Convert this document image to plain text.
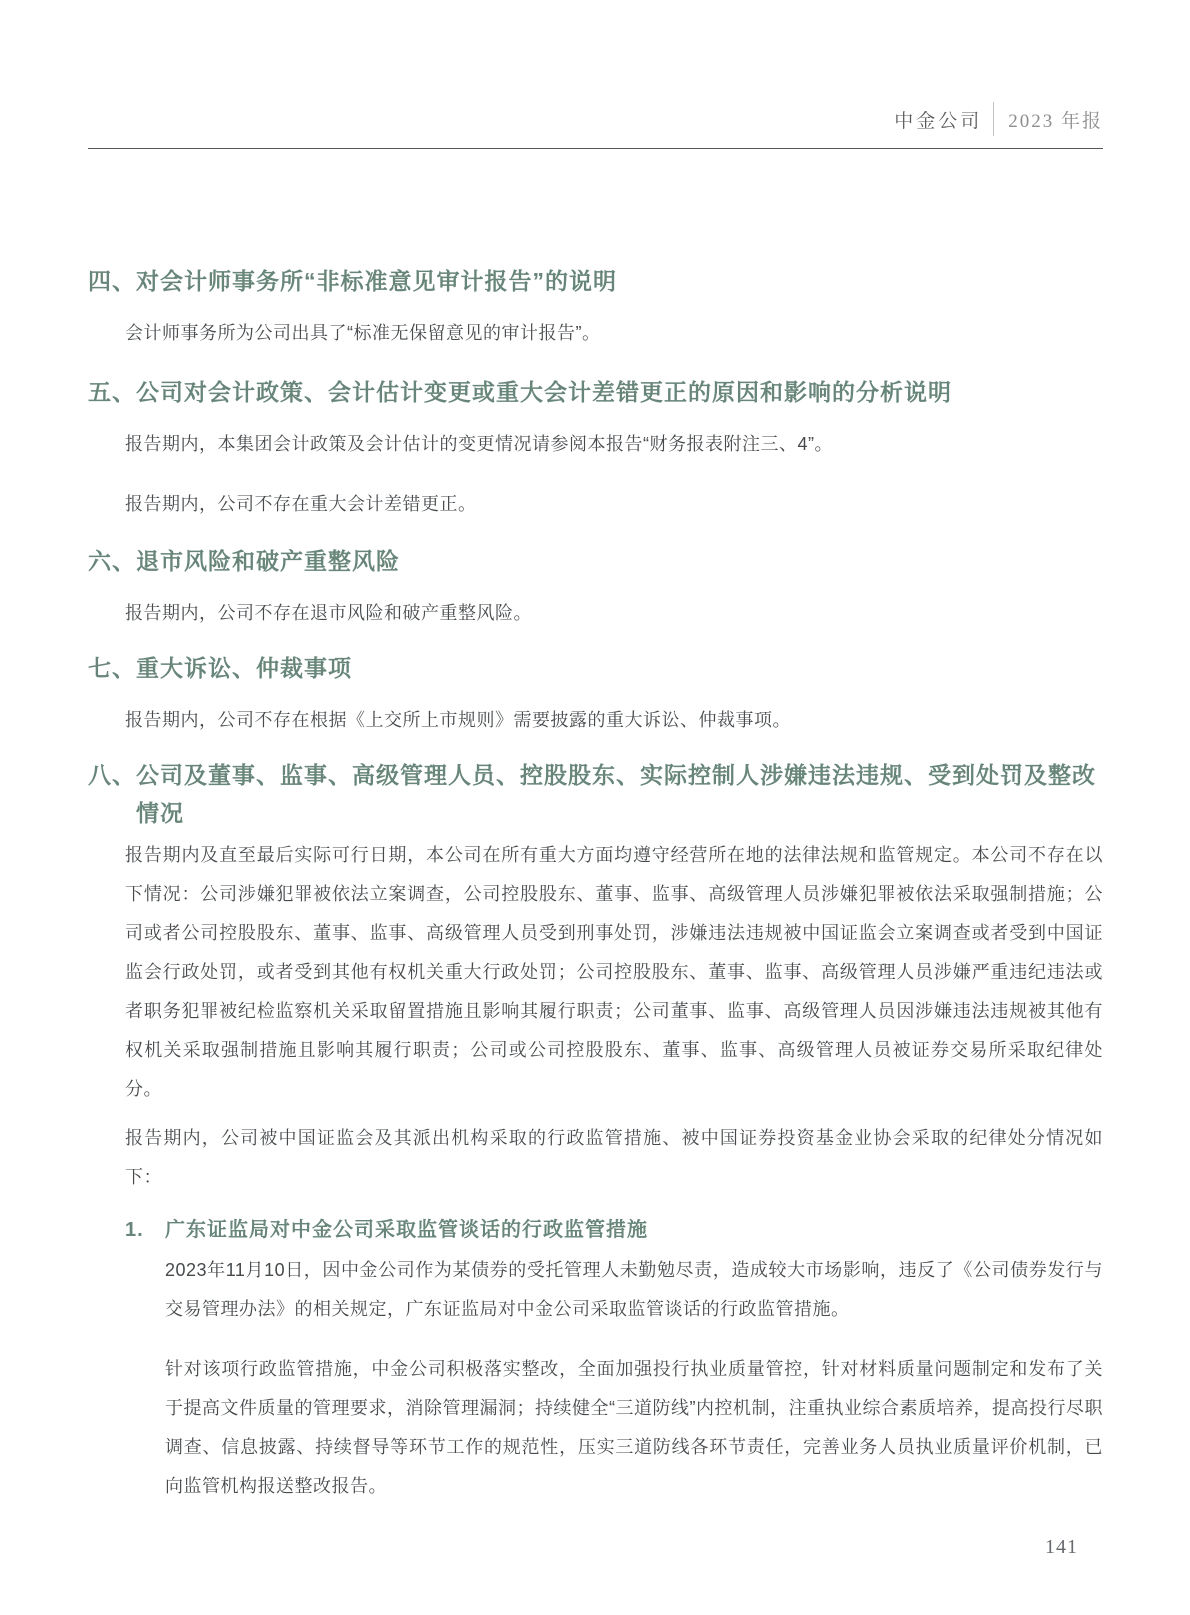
中金公司 2023 年报
四、 对会计师事务所“非标准意见审计报告”的说明

会计师事务所为公司出具了“标准无保留意见的审计报告”。

五、 公司对会计政策、会计估计变更或重大会计差错更正的原因和影响的分析说明

报告期内，本集团会计政策及会计估计的变更情况请参阅本报告“财务报表附注三、4”。

报告期内，公司不存在重大会计差错更正。

六、 退市风险和破产重整风险

报告期内，公司不存在退市风险和破产重整风险。

七、 重大诉讼、仲裁事项

报告期内，公司不存在根据《上交所上市规则》需要披露的重大诉讼、仲裁事项。

八、 公司及董事、监事、高级管理人员、控股股东、实际控制人涉嫌违法违规、受到处罚及整改情况

报告期内及直至最后实际可行日期，本公司在所有重大方面均遵守经营所在地的法律法规和监管规定。本公司不存在以下情况：公司涉嫌犯罪被依法立案调查，公司控股股东、董事、监事、高级管理人员涉嫌犯罪被依法采取强制措施；公司或者公司控股股东、董事、监事、高级管理人员受到刑事处罚，涉嫌违法违规被中国证监会立案调查或者受到中国证监会行政处罚，或者受到其他有权机关重大行政处罚；公司控股股东、董事、监事、高级管理人员涉嫌严重违纪违法或者职务犯罪被纪检监察机关采取留置措施且影响其履行职责；公司董事、监事、高级管理人员因涉嫌违法违规被其他有权机关采取强制措施且影响其履行职责；公司或公司控股股东、董事、监事、高级管理人员被证券交易所采取纪律处分。

报告期内，公司被中国证监会及其派出机构采取的行政监管措施、被中国证券投资基金业协会采取的纪律处分情况如下：

1.	广东证监局对中金公司采取监管谈话的行政监管措施

2023年11月10日，因中金公司作为某债券的受托管理人未勤勉尽责，造成较大市场影响，违反了《公司债券发行与交易管理办法》的相关规定，广东证监局对中金公司采取监管谈话的行政监管措施。

针对该项行政监管措施，中金公司积极落实整改，全面加强投行执业质量管控，针对材料质量问题制定和发布了关于提高文件质量的管理要求，消除管理漏洞；持续健全“三道防线”内控机制，注重执业综合素质培养，提高投行尽职调查、信息披露、持续督导等环节工作的规范性，压实三道防线各环节责任，完善业务人员执业质量评价机制，已向监管机构报送整改报告。

141
